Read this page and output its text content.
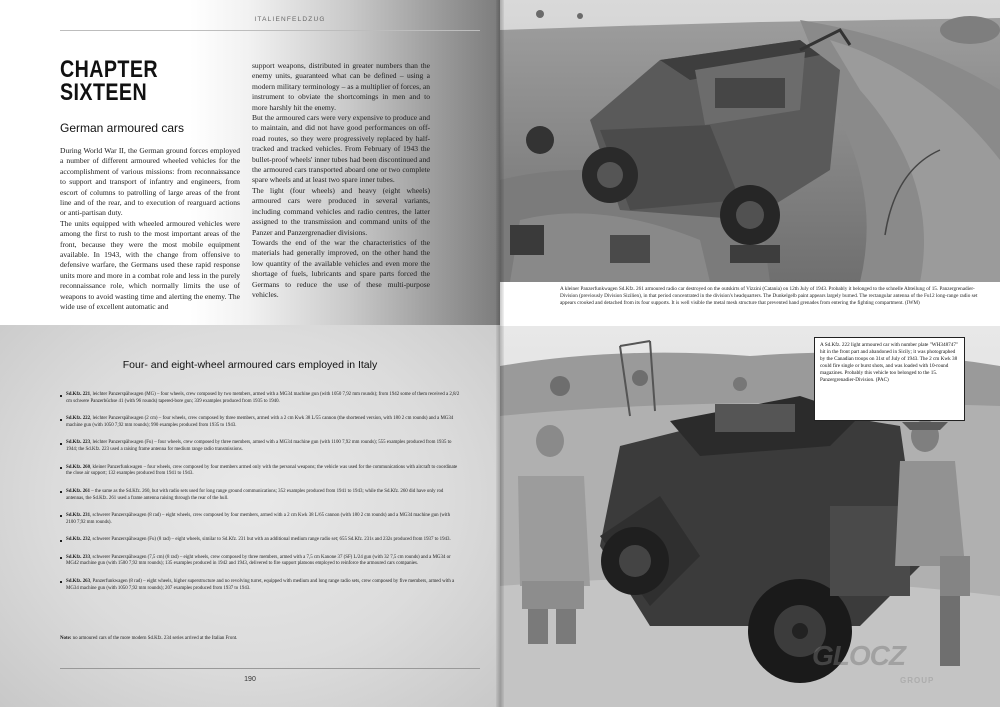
ITALIENFELDZUG
CHAPTER
SIXTEEN
German armoured cars

During World War II, the German ground forces employed a number of different armoured wheeled vehicles for the accomplishment of various missions: from reconnaissance to support and transport of infantry and engineers, from escort of columns to patrolling of large areas of the front line and of the rear, and to execution of rearguard actions or anti-partisan duty.

The units equipped with wheeled armoured vehicles were among the first to rush to the most important areas of the front, because they were the most mobile equipment available. In 1943, with the change from offensive to defensive warfare, the Germans used these rapid response units more and more in a combat role and less in the purely reconnaissance role, which normally limits the use of weapons to avoid wasting time and alerting the enemy. The wide use of excellent automatic and

support weapons, distributed in greater numbers than the enemy units, guaranteed what can be defined – using a modern military terminology – as a multiplier of forces, an instrument to obviate the shortcomings in men and to more harshly hit the enemy.

But the armoured cars were very expensive to produce and to maintain, and did not have good performances on off-road routes, so they were progressively replaced by half-tracked and tracked vehicles. From February of 1943 the bullet-proof wheels' inner tubes had been discontinued and the armoured cars transported aboard one or two complete spare wheels and at least two spare inner tubes.

The light (four wheels) and heavy (eight wheels) armoured cars were produced in several variants, including command vehicles and radio centres, the latter assigned to the transmission and command units of the Panzer and Panzergrenadier divisions.

Towards the end of the war the characteristics of the materials had generally improved, on the other hand the low quantity of the available vehicles and even more the shortage of fuels, lubricants and spare parts forced the Germans to reduce the use of these multi-purpose vehicles.

Four- and eight-wheel armoured cars employed in Italy
Sd.Kfz. 221, leichter Panzerspähwagen (MG) – four wheels, crew composed by two members, armed with a MG34 machine gun (with 1050 7,92 mm rounds); from 1942 some of them received a 2,8/2 cm schwere Panzerbüchse 41 (with 96 rounds) tapered-bore gun; 339 examples produced from 1935 to 1940.
Sd.Kfz. 222, leichter Panzerspähwagen (2 cm) – four wheels, crew composed by three members, armed with a 2 cm Kwk 38 L/55 cannon (the shortened version, with 180 2 cm rounds) and a MG34 machine gun (with 1050 7,92 mm rounds); 990 examples produced from 1935 to 1943.
Sd.Kfz. 223, leichter Panzerspähwagen (Fu) – four wheels, crew composed by three members, armed with a MG34 machine gun (with 1100 7,92 mm rounds); 555 examples produced from 1935 to 1944; the Sd.Kfz. 223 used a raising frame antenna for medium range radio transmissions.
Sd.Kfz. 260, kleiner Panzerfunkwagen – four wheels, crew composed by four members armed only with the personal weapons; the vehicle was used for the communications with aircraft to coordinate the close air support; 132 examples produced from 1941 to 1943.
Sd.Kfz. 261 – the same as the Sd.Kfz. 260, but with radio sets used for long range ground communications; 352 examples produced from 1941 to 1943; while the Sd.Kfz. 260 did have only rod antennas, the Sd.Kfz. 261 used a frame antenna raising through the rear of the hull.
Sd.Kfz. 231, schwerer Panzerspähwagen (8 rad) – eight wheels, crew composed by four members, armed with a 2 cm Kwk 38 L/65 cannon (with 180 2 cm rounds) and a MG34 machine gun (with 2100 7,92 mm rounds).
Sd.Kfz. 232, schwerer Panzerspähwagen (Fu) (8 rad) – eight wheels, similar to Sd.Kfz. 231 but with an additional medium range radio set; 655 Sd.Kfz. 231s and 232s produced from 1937 to 1943.
Sd.Kfz. 233, schwerer Panzerspähwagen (7,5 cm) (8 rad) – eight wheels, crew composed by three members, armed with a 7,5 cm Kanone 37 (SF) L/24 gun (with 32 7,5 cm rounds) and a MG34 or MG42 machine gun (with 1500 7,92 mm rounds); 135 examples produced in 1942 and 1943, delivered to fire support platoons employed to reinforce the armoured cars companies.
Sd.Kfz. 263, Panzerfunkwagen (8 rad) – eight wheels, higher superstructure and no revolving turret, equipped with medium and long range radio sets, crew composed by five members, armed with a MG34 machine gun (with 1050 7,92 mm rounds); 207 examples produced from 1937 to 1943.
Note: no armoured cars of the more modern Sd.Kfz. 234 series arrived at the Italian Front.
190
A kleiner Panzerfunkwagen Sd.Kfz. 261 armoured radio car destroyed on the outskirts of Vizzini (Catania) on 12th July of 1943. Probably it belonged to the schnelle Abteilung of 15. Panzergrenadier-Division (previously Division Sizilien), in that period concentrated in the division's headquarters. The Dunkelgelb paint appears largely burned. The rectangular antenna of the Fu12 long-range radio set appears crooked and detached from its four supports. It is well visible the metal mesh structure that prevented hand grenades from entering the fighting compartment. (IWM)
A Sd.Kfz. 222 light armoured car with number plate "WH348747" hit in the front part and abandoned in Sicily; it was photographed by the Canadian troops on 31st of July of 1943. The 2 cm Kwk 38 could fire single or burst shots, and was loaded with 10-round magazines. Probably this vehicle too belonged to the 15. Panzergrenadier-Division. (PAC)
GLOCZ
GROUP
